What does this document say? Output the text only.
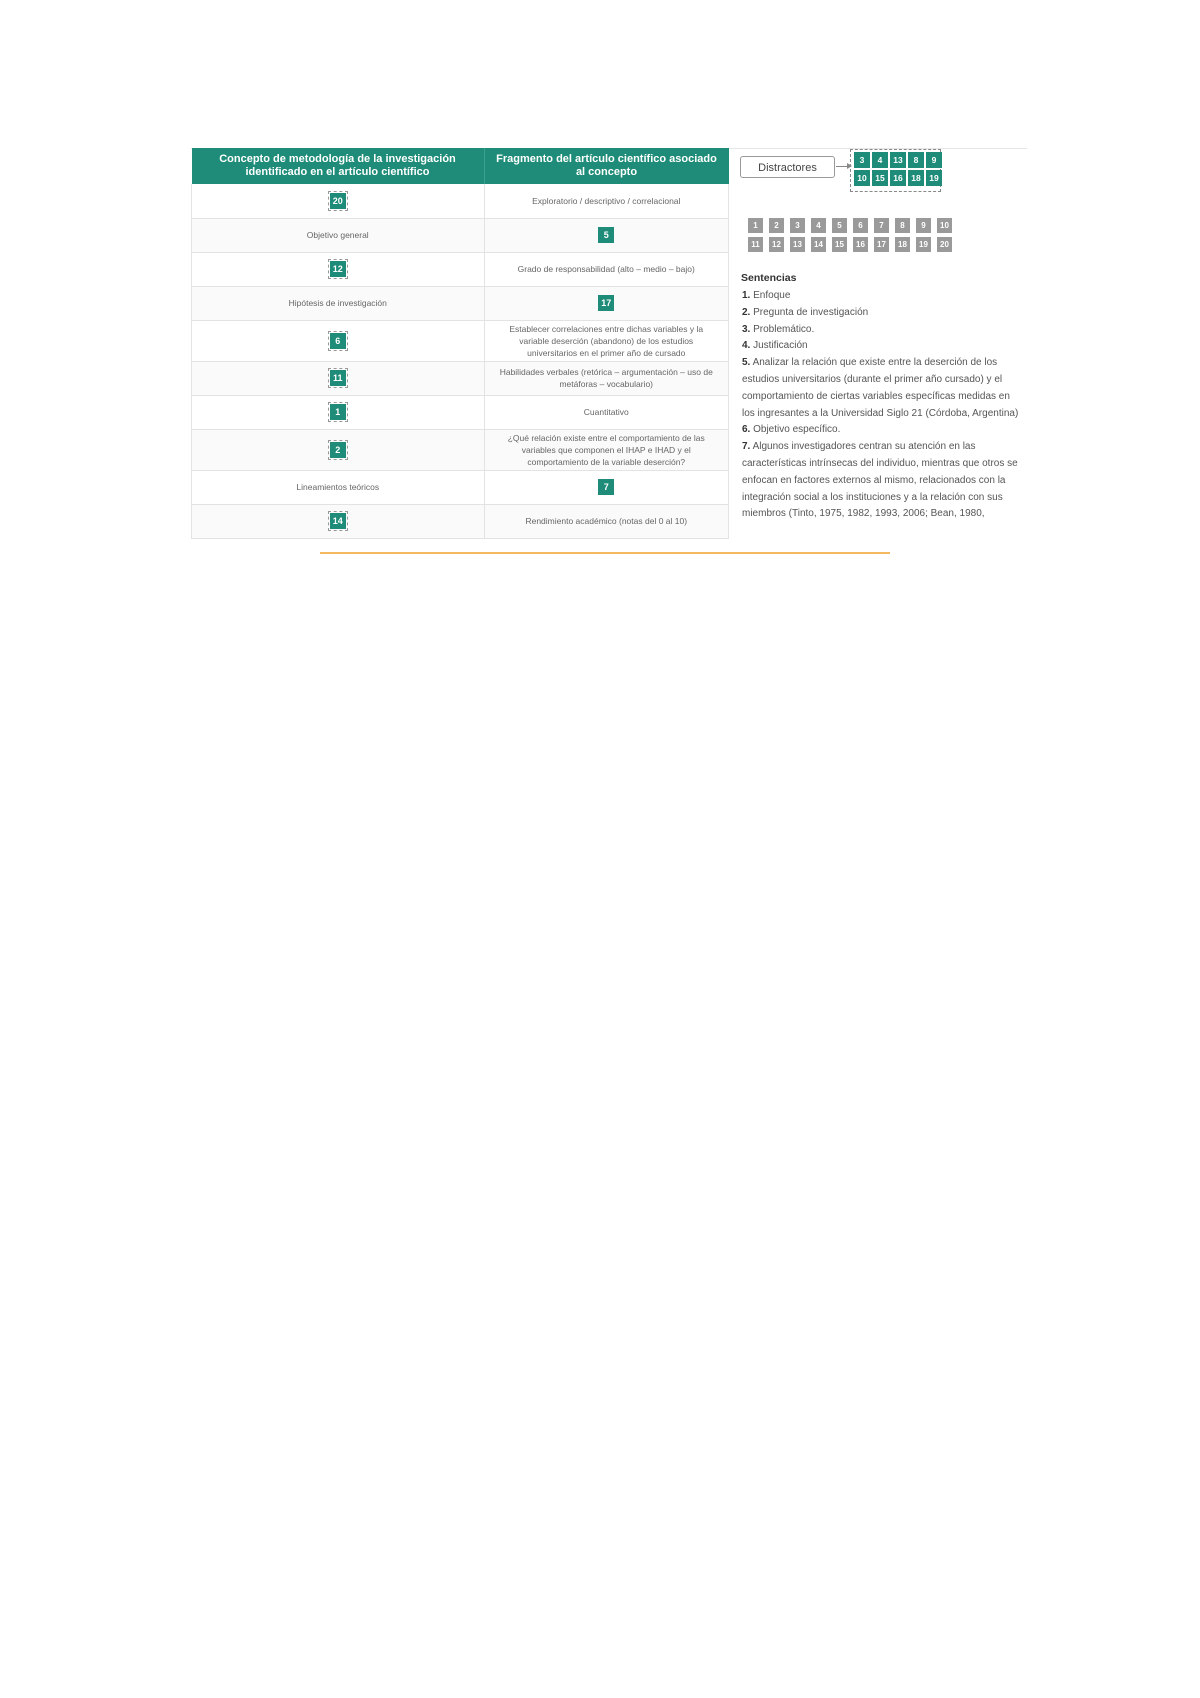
Concepto de metodología de la investigación identificado en el artículo científico	Fragmento del artículo científico asociado al concepto
20	Exploratorio / descriptivo / correlacional
Objetivo general	5
12	Grado de responsabilidad (alto – medio – bajo)
Hipótesis de investigación	17
6	Establecer correlaciones entre dichas variables y la variable deserción (abandono) de los estudios universitarios en el primer año de cursado
11	Habilidades verbales (retórica – argumentación – uso de metáforas – vocabulario)
1	Cuantitativo
2	¿Qué relación existe entre el comportamiento de las variables que componen el IHAP e IHAD y el comportamiento de la variable deserción?
Lineamientos teóricos	7
14	Rendimiento académico (notas del 0 al 10)
Distractores
3	4	13	8	9
10	15	16	18	19
1	2	3	4	5	6	7	8	9	10
11	12	13	14	15	16	17	18	19	20
Sentencias
1. Enfoque
2. Pregunta de investigación
3. Problemático.
4. Justificación
5. Analizar la relación que existe entre la deserción de los estudios universitarios (durante el primer año cursado) y el comportamiento de ciertas variables específicas medidas en los ingresantes a la Universidad Siglo 21 (Córdoba, Argentina)
6. Objetivo específico.
7. Algunos investigadores centran su atención en las características intrínsecas del individuo, mientras que otros se enfocan en factores externos al mismo, relacionados con la integración social a los instituciones y a la relación con sus miembros (Tinto, 1975, 1982, 1993, 2006; Bean, 1980,
